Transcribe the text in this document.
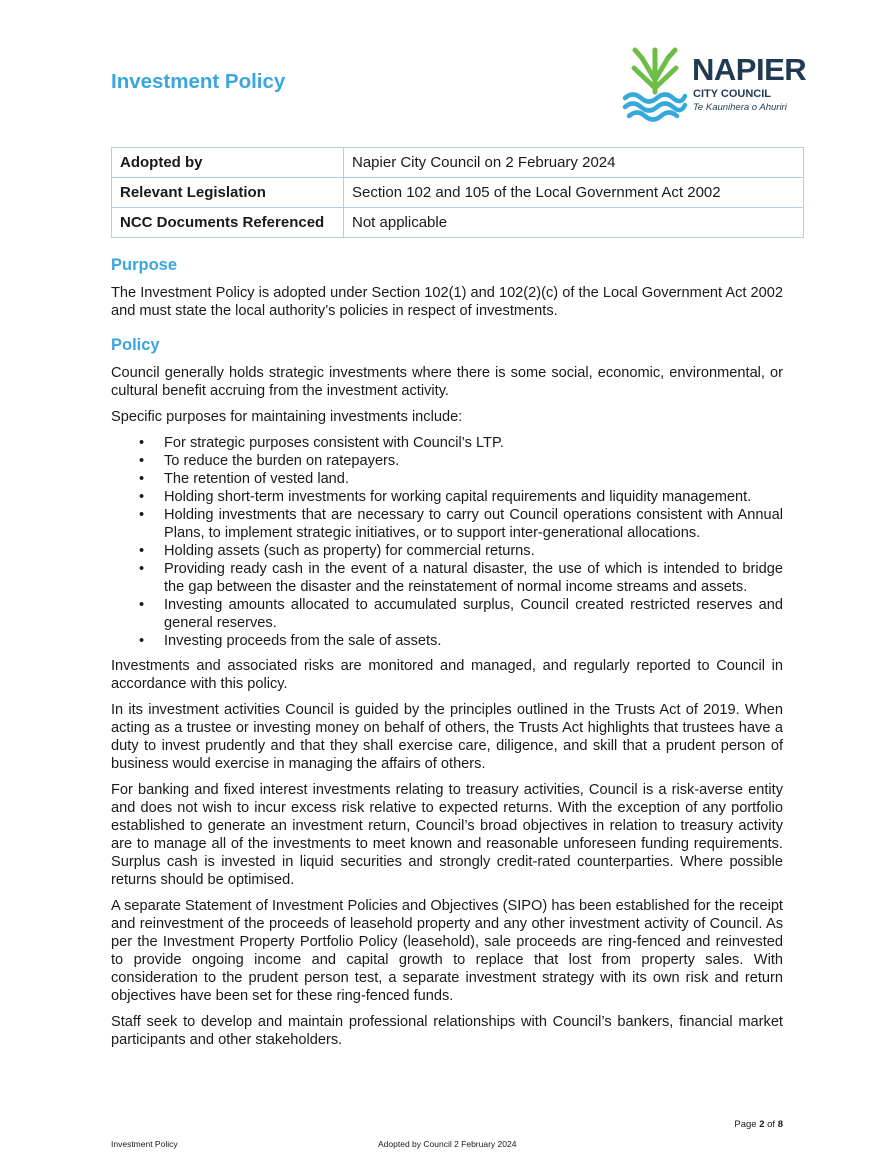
Investment Policy	NAPIER
CITY COUNCIL
Te Kaunihera o Ahuriri
Adopted by	Napier City Council on 2 February 2024
Relevant Legislation	Section 102 and 105 of the Local Government Act 2002
NCC Documents Referenced	Not applicable
Purpose

The Investment Policy is adopted under Section 102(1) and 102(2)(c) of the Local Government Act 2002 and must state the local authority’s policies in respect of investments.

Policy

Council generally holds strategic investments where there is some social, economic, environmental, or cultural benefit accruing from the investment activity.

Specific purposes for maintaining investments include:

• For strategic purposes consistent with Council’s LTP.
• To reduce the burden on ratepayers.
• The retention of vested land.
• Holding short-term investments for working capital requirements and liquidity management.
• Holding investments that are necessary to carry out Council operations consistent with Annual Plans, to implement strategic initiatives, or to support inter-generational allocations.
• Holding assets (such as property) for commercial returns.
• Providing ready cash in the event of a natural disaster, the use of which is intended to bridge the gap between the disaster and the reinstatement of normal income streams and assets.
• Investing amounts allocated to accumulated surplus, Council created restricted reserves and general reserves.
• Investing proceeds from the sale of assets.

Investments and associated risks are monitored and managed, and regularly reported to Council in accordance with this policy.

In its investment activities Council is guided by the principles outlined in the Trusts Act of 2019. When acting as a trustee or investing money on behalf of others, the Trusts Act highlights that trustees have a duty to invest prudently and that they shall exercise care, diligence, and skill that a prudent person of business would exercise in managing the affairs of others.

For banking and fixed interest investments relating to treasury activities, Council is a risk-averse entity and does not wish to incur excess risk relative to expected returns. With the exception of any portfolio established to generate an investment return, Council’s broad objectives in relation to treasury activity are to manage all of the investments to meet known and reasonable unforeseen funding requirements. Surplus cash is invested in liquid securities and strongly credit-rated counterparties. Where possible returns should be optimised.

A separate Statement of Investment Policies and Objectives (SIPO) has been established for the receipt and reinvestment of the proceeds of leasehold property and any other investment activity of Council. As per the Investment Property Portfolio Policy (leasehold), sale proceeds are ring-fenced and reinvested to provide ongoing income and capital growth to replace that lost from property sales. With consideration to the prudent person test, a separate investment strategy with its own risk and return objectives have been set for these ring-fenced funds.

Staff seek to develop and maintain professional relationships with Council’s bankers, financial market participants and other stakeholders.

Page 2 of 8
Investment Policy	Adopted by Council 2 February 2024
